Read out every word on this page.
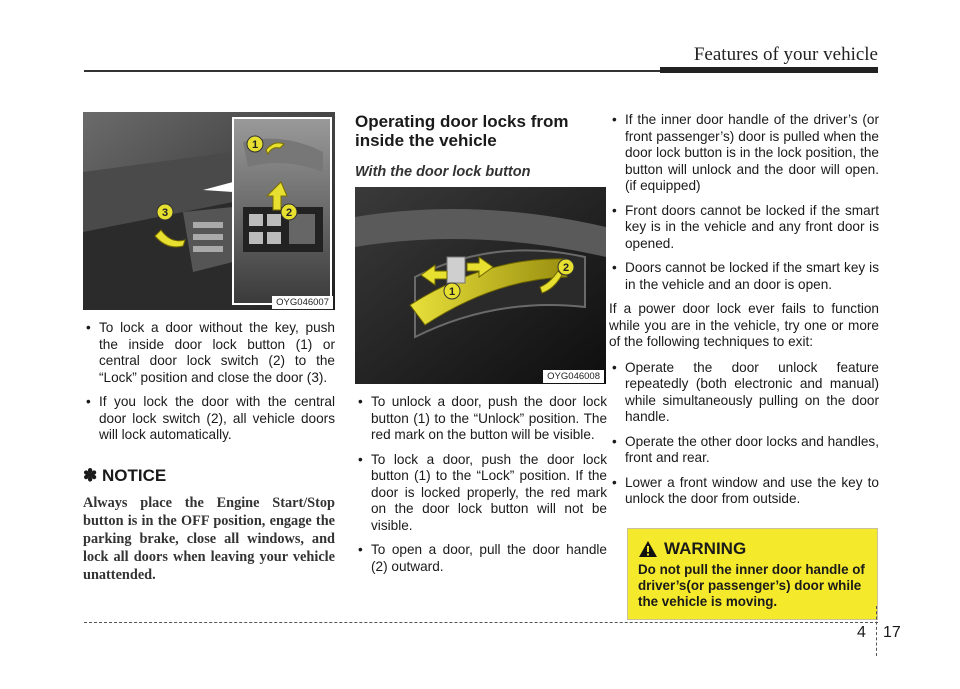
Features of your vehicle
1
2
3
OYG046007
• To lock a door without the key, push the inside door lock button (1) or central door lock switch (2) to the “Lock” position and close the door (3).
• If you lock the door with the central door lock switch (2), all vehicle doors will lock automatically.
✽ NOTICE
Always place the Engine Start/Stop button is in the OFF position, engage the parking brake, close all windows, and lock all doors when leaving your vehicle unattended.
Operating door locks from inside the vehicle
With the door lock button
1
2
OYG046008
• To unlock a door, push the door lock button (1) to the “Unlock” position. The red mark on the button will be visible.
• To lock a door, push the door lock button (1) to the “Lock” position. If the door is locked properly, the red mark on the door lock button will not be visible.
• To open a door, pull the door handle (2) outward.
• If the inner door handle of the driver’s (or front passenger’s) door is pulled when the door lock button is in the lock position, the button will unlock and the door will open. (if equipped)
• Front doors cannot be locked if the smart key is in the vehicle and any front door is opened.
• Doors cannot be locked if the smart key is in the vehicle and an door is open.

If a power door lock ever fails to function while you are in the vehicle, try one or more of the following techniques to exit:

• Operate the door unlock feature repeatedly (both electronic and manual) while simultaneously pulling on the door handle.
• Operate the other door locks and handles, front and rear.
• Lower a front window and use the key to unlock the door from outside.
WARNING
Do not pull the inner door handle of driver’s(or passenger’s) door while the vehicle is moving.
4 17
